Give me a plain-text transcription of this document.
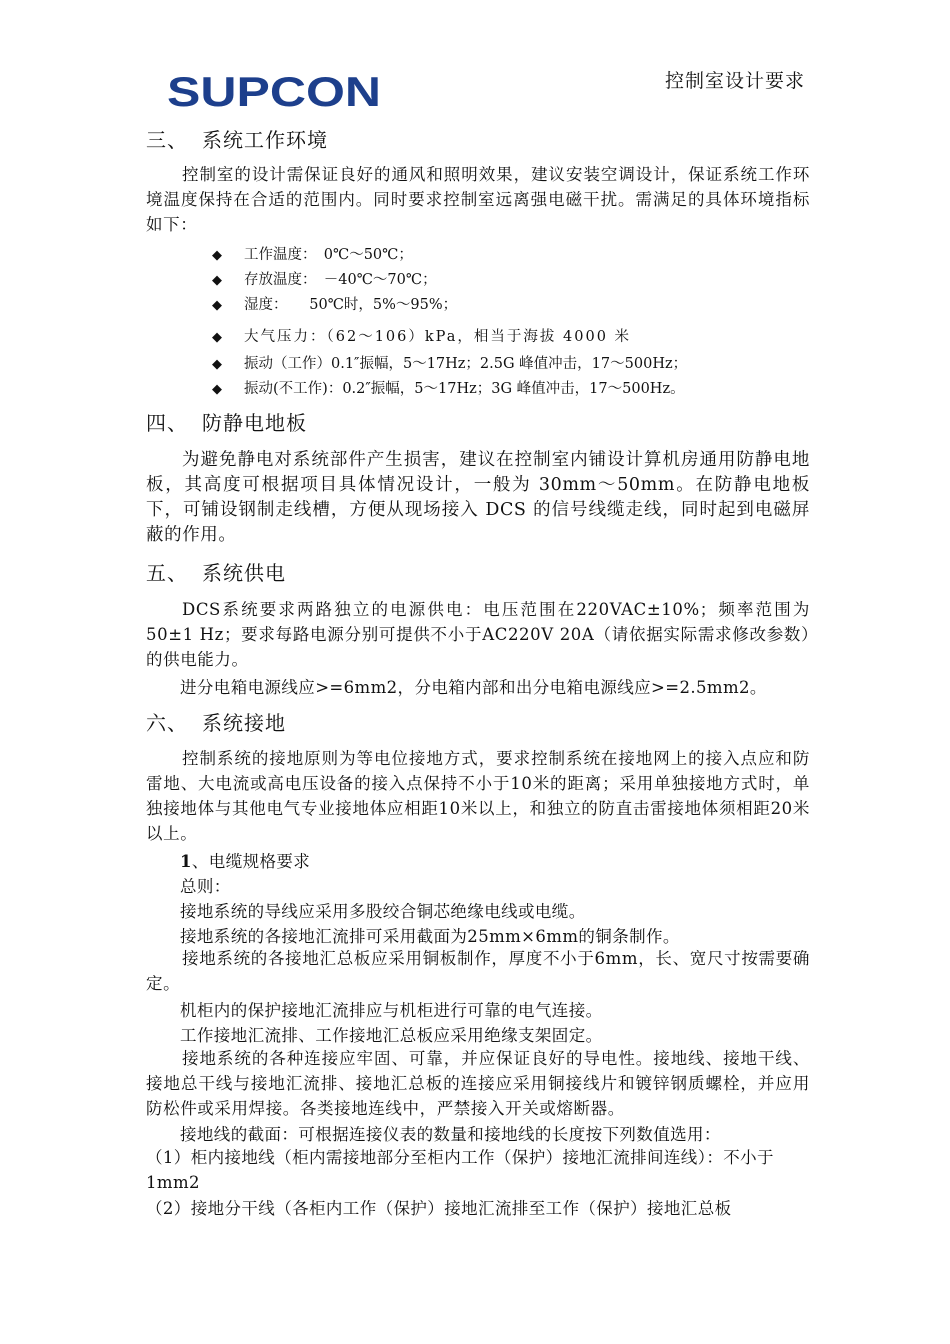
SUPCON	控制室设计要求
三、 系统工作环境
控制室的设计需保证良好的通风和照明效果，建议安装空调设计，保证系统工作环境温度保持在合适的范围内。同时要求控制室远离强电磁干扰。需满足的具体环境指标如下：
◆ 工作温度：　0℃～50℃；
◆ 存放温度：　－40℃～70℃；
◆ 湿度：　　50℃时，5%～95%；
◆ 大气压力：（62～106）kPa，相当于海拔 4000 米
◆ 振动（工作）0.1″振幅，5～17Hz；2.5G 峰值冲击，17～500Hz；
◆ 振动(不工作)：0.2″振幅，5～17Hz；3G 峰值冲击，17～500Hz。
四、 防静电地板
为避免静电对系统部件产生损害，建议在控制室内铺设计算机房通用防静电地板，其高度可根据项目具体情况设计，一般为 30mm～50mm。在防静电地板下，可铺设钢制走线槽，方便从现场接入 DCS 的信号线缆走线，同时起到电磁屏蔽的作用。
五、 系统供电
DCS系统要求两路独立的电源供电：电压范围在220VAC±10%；频率范围为50±1 Hz；要求每路电源分别可提供不小于AC220V 20A（请依据实际需求修改参数）的供电能力。
进分电箱电源线应>=6mm2，分电箱内部和出分电箱电源线应>=2.5mm2。
六、 系统接地
控制系统的接地原则为等电位接地方式，要求控制系统在接地网上的接入点应和防雷地、大电流或高电压设备的接入点保持不小于10米的距离；采用单独接地方式时，单独接地体与其他电气专业接地体应相距10米以上，和独立的防直击雷接地体须相距20米以上。
1、电缆规格要求
总则：
接地系统的导线应采用多股绞合铜芯绝缘电线或电缆。
接地系统的各接地汇流排可采用截面为25mm×6mm的铜条制作。
接地系统的各接地汇总板应采用铜板制作，厚度不小于6mm，长、宽尺寸按需要确定。
机柜内的保护接地汇流排应与机柜进行可靠的电气连接。
工作接地汇流排、工作接地汇总板应采用绝缘支架固定。
接地系统的各种连接应牢固、可靠，并应保证良好的导电性。接地线、接地干线、接地总干线与接地汇流排、接地汇总板的连接应采用铜接线片和镀锌钢质螺栓，并应用防松件或采用焊接。各类接地连线中，严禁接入开关或熔断器。
接地线的截面：可根据连接仪表的数量和接地线的长度按下列数值选用：
（1）柜内接地线（柜内需接地部分至柜内工作（保护）接地汇流排间连线）：不小于 1mm2
（2）接地分干线（各柜内工作（保护）接地汇流排至工作（保护）接地汇总板
